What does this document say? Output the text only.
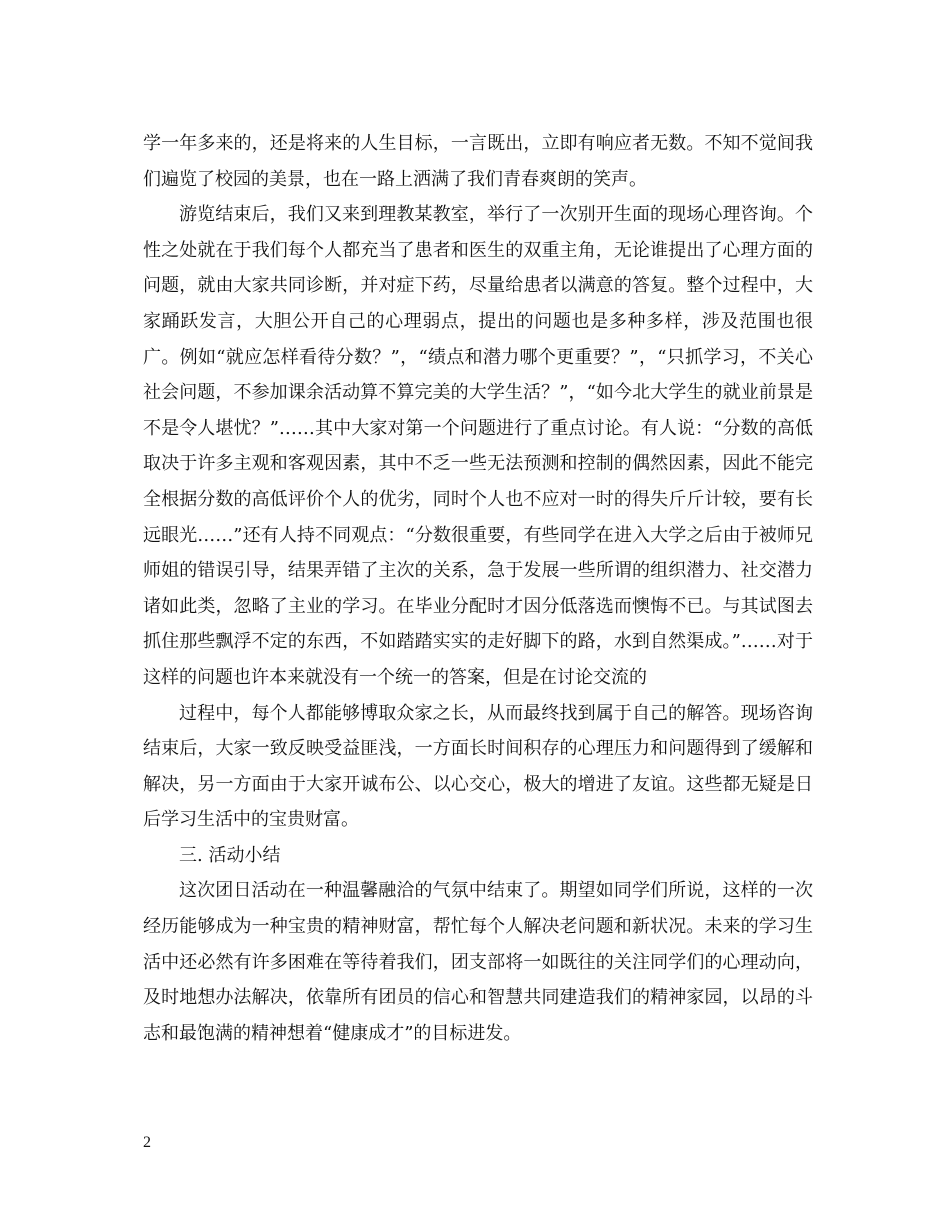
学一年多来的，还是将来的人生目标，一言既出，立即有响应者无数。不知不觉间我们遍览了校园的美景，也在一路上洒满了我们青春爽朗的笑声。

游览结束后，我们又来到理教某教室，举行了一次别开生面的现场心理咨询。个性之处就在于我们每个人都充当了患者和医生的双重主角，无论谁提出了心理方面的问题，就由大家共同诊断，并对症下药，尽量给患者以满意的答复。整个过程中，大家踊跃发言，大胆公开自己的心理弱点，提出的问题也是多种多样，涉及范围也很广。例如“就应怎样看待分数？”，“绩点和潜力哪个更重要？”，“只抓学习，不关心社会问题，不参加课余活动算不算完美的大学生活？”，“如今北大学生的就业前景是不是令人堪忧？”……其中大家对第一个问题进行了重点讨论。有人说：“分数的高低取决于许多主观和客观因素，其中不乏一些无法预测和控制的偶然因素，因此不能完全根据分数的高低评价个人的优劣，同时个人也不应对一时的得失斤斤计较，要有长远眼光……”还有人持不同观点：“分数很重要，有些同学在进入大学之后由于被师兄师姐的错误引导，结果弄错了主次的关系，急于发展一些所谓的组织潜力、社交潜力诸如此类，忽略了主业的学习。在毕业分配时才因分低落选而懊悔不已。与其试图去抓住那些飘浮不定的东西，不如踏踏实实的走好脚下的路，水到自然渠成。”……对于这样的问题也许本来就没有一个统一的答案，但是在讨论交流的

过程中，每个人都能够博取众家之长，从而最终找到属于自己的解答。现场咨询结束后，大家一致反映受益匪浅，一方面长时间积存的心理压力和问题得到了缓解和解决，另一方面由于大家开诚布公、以心交心，极大的增进了友谊。这些都无疑是日后学习生活中的宝贵财富。

三. 活动小结

这次团日活动在一种温馨融洽的气氛中结束了。期望如同学们所说，这样的一次经历能够成为一种宝贵的精神财富，帮忙每个人解决老问题和新状况。未来的学习生活中还必然有许多困难在等待着我们，团支部将一如既往的关注同学们的心理动向，及时地想办法解决，依靠所有团员的信心和智慧共同建造我们的精神家园，以昂的斗志和最饱满的精神想着“健康成才”的目标进发。

2
